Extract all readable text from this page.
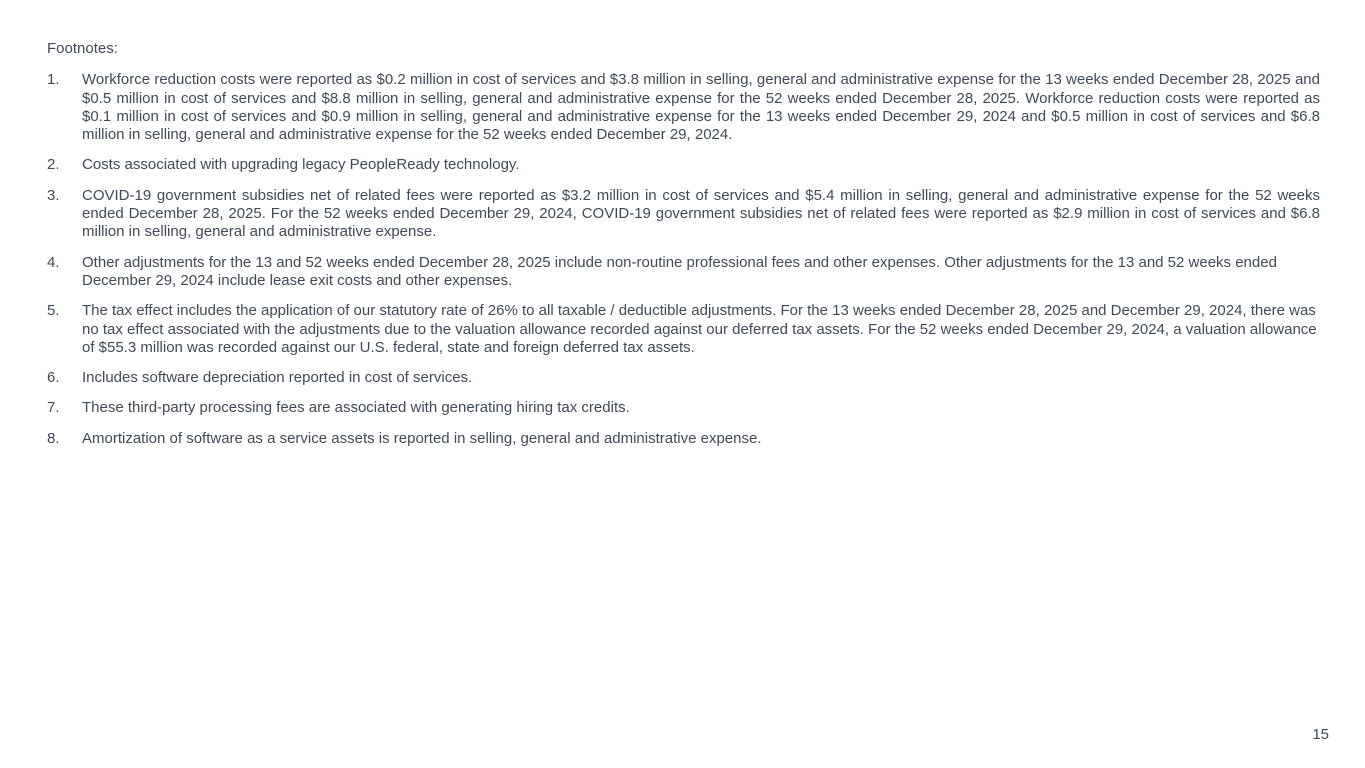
Footnotes:
1.	Workforce reduction costs were reported as $0.2 million in cost of services and $3.8 million in selling, general and administrative expense for the 13 weeks ended December 28, 2025 and $0.5 million in cost of services and $8.8 million in selling, general and administrative expense for the 52 weeks ended December 28, 2025. Workforce reduction costs were reported as $0.1 million in cost of services and $0.9 million in selling, general and administrative expense for the 13 weeks ended December 29, 2024 and $0.5 million in cost of services and $6.8 million in selling, general and administrative expense for the 52 weeks ended December 29, 2024.
2.	Costs associated with upgrading legacy PeopleReady technology.
3.	COVID-19 government subsidies net of related fees were reported as $3.2 million in cost of services and $5.4 million in selling, general and administrative expense for the 52 weeks ended December 28, 2025. For the 52 weeks ended December 29, 2024, COVID-19 government subsidies net of related fees were reported as $2.9 million in cost of services and $6.8 million in selling, general and administrative expense.
4.	Other adjustments for the 13 and 52 weeks ended December 28, 2025 include non-routine professional fees and other expenses. Other adjustments for the 13 and 52 weeks ended December 29, 2024 include lease exit costs and other expenses.
5.	The tax effect includes the application of our statutory rate of 26% to all taxable / deductible adjustments. For the 13 weeks ended December 28, 2025 and December 29, 2024, there was no tax effect associated with the adjustments due to the valuation allowance recorded against our deferred tax assets. For the 52 weeks ended December 29, 2024, a valuation allowance of $55.3 million was recorded against our U.S. federal, state and foreign deferred tax assets.
6.	Includes software depreciation reported in cost of services.
7.	These third-party processing fees are associated with generating hiring tax credits.
8.	Amortization of software as a service assets is reported in selling, general and administrative expense.
15
